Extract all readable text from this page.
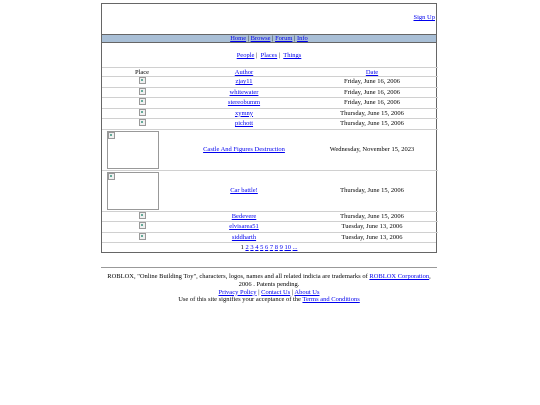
Sign Up
Home | Browse | Forum | Info
People |  Places |  Things
Place	Author	Date
	zjay11	Friday, June 16, 2006
	whitewater	Friday, June 16, 2006
	stereobumm	Friday, June 16, 2006
	xymny	Thursday, June 15, 2006
	pichott	Thursday, June 15, 2006

	Castle And Figures Destruction	Wednesday, November 15, 2023

	Car battle!	Thursday, June 15, 2006
	Bedevere	Thursday, June 15, 2006
	elvisarea51	Tuesday, June 13, 2006
	siddharth	Tuesday, June 13, 2006
1 2 3 4 5 6 7 8 9 10 ...
ROBLOX, "Online Building Toy", characters, logos, names and all related indicia are trademarks of ROBLOX Corporation, 2006 . Patents pending.
Privacy Policy | Contact Us | About Us
Use of this site signifies your acceptance of the Terms and Conditions
